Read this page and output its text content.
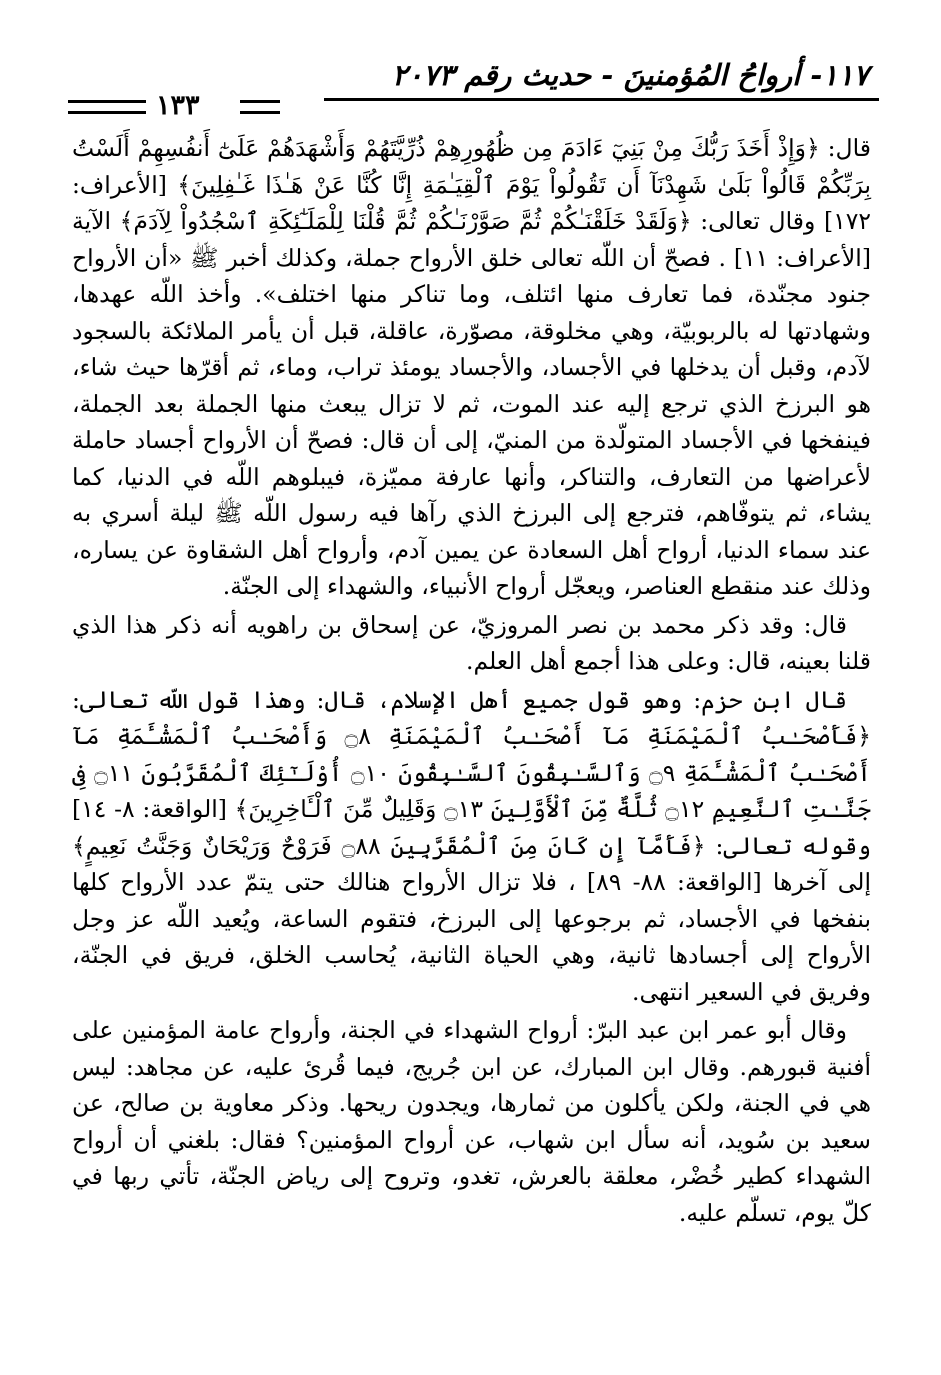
١١٧- أرواحُ المُؤمنينَ - حديث رقم ٢٠٧٣
١٣٣

قال: ﴿وَإِذْ أَخَذَ رَبُّكَ مِنْ بَنِيٓ ءَادَمَ مِن ظُهُورِهِمْ ذُرِّيَّتَهُمْ وَأَشْهَدَهُمْ عَلَىٰٓ أَنفُسِهِمْ أَلَسْتُ بِرَبِّكُمْ قَالُواْ بَلَىٰ شَهِدْنَآ أَن تَقُولُواْ يَوْمَ ٱلْقِيَـٰمَةِ إِنَّا كُنَّا عَنْ هَـٰذَا غَـٰفِلِينَ﴾ [الأعراف: ١٧٢] وقال تعالى: ﴿وَلَقَدْ خَلَقْنَـٰكُمْ ثُمَّ صَوَّرْنَـٰكُمْ ثُمَّ قُلْنَا لِلْمَلَـٰٓئِكَةِ ٱسْجُدُواْ لِآدَمَ﴾ الآية [الأعراف: ١١] . فصحّ أن اللّه تعالى خلق الأرواح جملة، وكذلك أخبر ﷺ «أن الأرواح جنود مجنّدة، فما تعارف منها ائتلف، وما تناكر منها اختلف». وأخذ اللّه عهدها، وشهادتها له بالربوبيّة، وهي مخلوقة، مصوّرة، عاقلة، قبل أن يأمر الملائكة بالسجود لآدم، وقبل أن يدخلها في الأجساد، والأجساد يومئذ تراب، وماء، ثم أقرّها حيث شاء، هو البرزخ الذي ترجع إليه عند الموت، ثم لا تزال يبعث منها الجملة بعد الجملة، فينفخها في الأجساد المتولّدة من المنيّ، إلى أن قال: فصحّ أن الأرواح أجساد حاملة لأعراضها من التعارف، والتناكر، وأنها عارفة مميّزة، فيبلوهم اللّه في الدنيا، كما يشاء، ثم يتوفّاهم، فترجع إلى البرزخ الذي رآها فيه رسول اللّه ﷺ ليلة أسري به عند سماء الدنيا، أرواح أهل السعادة عن يمين آدم، وأرواح أهل الشقاوة عن يساره، وذلك عند منقطع العناصر، ويعجّل أرواح الأنبياء، والشهداء إلى الجنّة.

قال: وقد ذكر محمد بن نصر المروزيّ، عن إسحاق بن راهويه أنه ذكر هذا الذي قلنا بعينه، قال: وعلى هذا أجمع أهل العلم.

قال ابن حزم: وهو قول جميع أهل الإسلام، قال: وهذا قول اللّه تعالى: ﴿فَأَصْحَـٰبُ ٱلْمَيْمَنَةِ مَآ أَصْحَـٰبُ ٱلْمَيْمَنَةِ ۝٨ وَأَصْحَـٰبُ ٱلْمَشْـَٔمَةِ مَآ أَصْحَـٰبُ ٱلْمَشْـَٔمَةِ ۝٩ وَٱلسَّـٰبِقُونَ ٱلسَّـٰبِقُونَ ۝١٠ أُوْلَـٰٓئِكَ ٱلْمُقَرَّبُونَ ۝١١ فِى جَنَّـٰتِ ٱلنَّعِيمِ ۝١٢ ثُلَّةٌ مِّنَ ٱلْأَوَّلِينَ ۝١٣ وَقَلِيلٌ مِّنَ ٱلْـَٔاخِرِينَ﴾ [الواقعة: ٨- ١٤] وقوله تعالى: ﴿فَأَمَّآ إِن كَانَ مِنَ ٱلْمُقَرَّبِينَ ۝٨٨ فَرَوْحٌ وَرَيْحَانٌ وَجَنَّتُ نَعِيمٍ﴾ إلى آخرها [الواقعة: ٨٨- ٨٩] ، فلا تزال الأرواح هنالك حتى يتمّ عدد الأرواح كلها بنفخها في الأجساد، ثم برجوعها إلى البرزخ، فتقوم الساعة، ويُعيد اللّه عز وجل الأرواح إلى أجسادها ثانية، وهي الحياة الثانية، يُحاسب الخلق، فريق في الجنّة، وفريق في السعير انتهى.

وقال أبو عمر ابن عبد البرّ: أرواح الشهداء في الجنة، وأرواح عامة المؤمنين على أفنية قبورهم. وقال ابن المبارك، عن ابن جُريج، فيما قُرئ عليه، عن مجاهد: ليس هي في الجنة، ولكن يأكلون من ثمارها، ويجدون ريحها. وذكر معاوية بن صالح، عن سعيد بن سُويد، أنه سأل ابن شهاب، عن أرواح المؤمنين؟ فقال: بلغني أن أرواح الشهداء كطير خُضْر، معلقة بالعرش، تغدو، وتروح إلى رياض الجنّة، تأتي ربها في كلّ يوم، تسلّم عليه.
